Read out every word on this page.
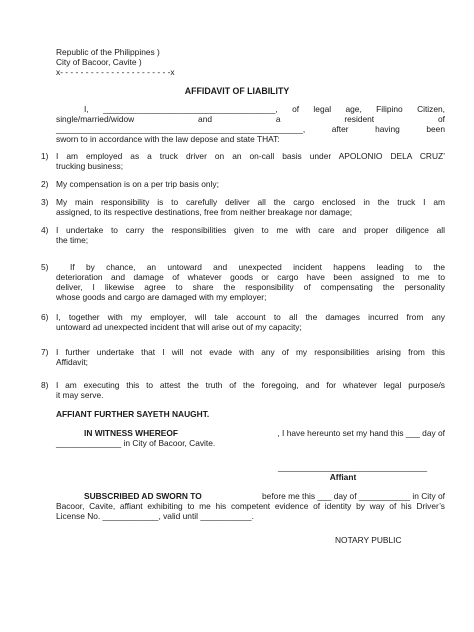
Republic of the Philippines )
City of Bacoor, Cavite )
x- - - - - - - - - - - - - - - - - - - - - -x
AFFIDAVIT OF LIABILITY
I, _____________________________________, of legal age, Filipino Citizen,
single/married/widow	and	a	resident	of
_____________________________________________________, after having been
sworn to in accordance with the law depose and state THAT:
1) I am employed as a truck driver on an on-call basis under APOLONIO DELA CRUZ’
trucking business;
2) My compensation is on a per trip basis only;
3) My main responsibility is to carefully deliver all the cargo enclosed in the truck I am
assigned, to its respective destinations, free from neither breakage nor damage;
4) I undertake to carry the responsibilities given to me with care and proper diligence all
the time;
5)	If by chance, an untoward and unexpected incident happens leading to the
deterioration and damage of whatever goods or cargo have been assigned to me to
deliver, I likewise agree to share the responsibility of compensating the personality
whose goods and cargo are damaged with my employer;
6) I, together with my employer, will tale account to all the damages incurred from any
untoward ad unexpected incident that will arise out of my capacity;
7) I further undertake that I will not evade with any of my responsibilities arising from this
Affidavit;
8) I am executing this to attest the truth of the foregoing, and for whatever legal purpose/s
it may serve.
AFFIANT FURTHER SAYETH NAUGHT.
IN WITNESS WHEREOF	, I have hereunto set my hand this ___ day of
______________ in City of Bacoor, Cavite.
________________________________
Affiant
SUBSCRIBED AD SWORN TO	before me this ___ day of ___________ in City of
Bacoor, Cavite, affiant exhibiting to me his competent evidence of identity by way of his Driver’s
License No. ____________, valid until ___________.
NOTARY PUBLIC
